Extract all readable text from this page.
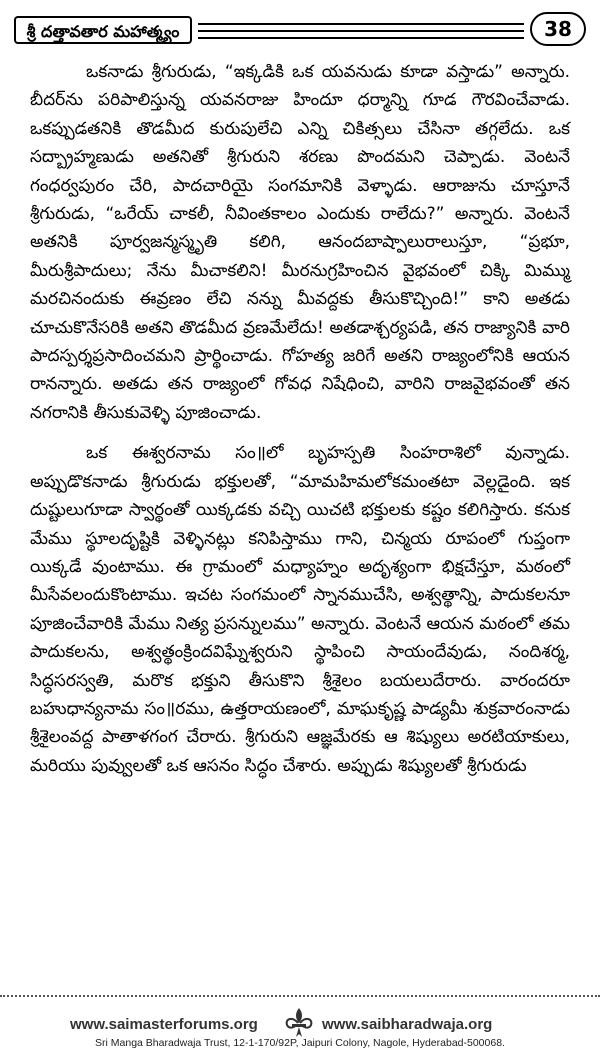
శ్రీ దత్తావతార మహాత్మ్యం	38

ఒకనాడు శ్రీగురుడు, “ఇక్కడికి ఒక యవనుడు కూడా వస్తాడు” అన్నారు. బీదర్‌ను పరిపాలిస్తున్న యవనరాజు హిందూ ధర్మాన్ని గూడ గౌరవించేవాడు. ఒకప్పుడతనికి తొడమీద కురుపులేచి ఎన్ని చికిత్సలు చేసినా తగ్గలేదు. ఒక సద్బ్రాహ్మణుడు అతనితో శ్రీగురుని శరణు పొందమని చెప్పాడు. వెంటనే గంధర్వపురం చేరి, పాదచారియై సంగమానికి వెళ్ళాడు. ఆరాజును చూస్తూనే శ్రీగురుడు, “ఒరేయ్ చాకలీ, నీవింతకాలం ఎందుకు రాలేదు?” అన్నారు. వెంటనే అతనికి పూర్వజన్మస్మృతి కలిగి, ఆనందబాష్పాలురాలుస్తూ, “ప్రభూ, మీరుశ్రీపాదులు; నేను మీచాకలిని! మీరనుగ్రహించిన వైభవంలో చిక్కి మిమ్ము మరచినందుకు ఈవ్రణం లేచి నన్ను మీవద్దకు తీసుకొచ్చింది!” కాని అతడు చూచుకొనేసరికి అతని తొడమీద వ్రణమేలేదు! అతడాశ్చర్యపడి, తన రాజ్యానికి వారి పాదస్పర్శప్రసాదించమని ప్రార్థించాడు. గోహత్య జరిగే అతని రాజ్యంలోనికి ఆయన రానన్నారు. అతడు తన రాజ్యంలో గోవధ నిషేధించి, వారిని రాజవైభవంతో తన నగరానికి తీసుకువెళ్ళి పూజించాడు.

ఒక ఈశ్వరనామ సం॥లో బృహస్పతి సింహరాశిలో వున్నాడు. అప్పుడొకనాడు శ్రీగురుడు భక్తులతో, “మామహిమలోకమంతటా వెల్లడైంది. ఇక దుష్టులుగూడా స్వార్థంతో యిక్కడకు వచ్చి యిచటి భక్తులకు కష్టం కలిగిస్తారు. కనుక మేము స్థూలదృష్టికి వెళ్ళినట్లు కనిపిస్తాము గాని, చిన్మయ రూపంలో గుప్తంగా యిక్కడే వుంటాము. ఈ గ్రామంలో మధ్యాహ్నం అదృశ్యంగా భిక్షచేస్తూ, మఠంలో మీసేవలందుకొంటాము. ఇచట సంగమంలో స్నానముచేసి, అశ్వత్థాన్ని, పాదుకలనూ పూజించేవారికి మేము నిత్య ప్రసన్నులము” అన్నారు. వెంటనే ఆయన మఠంలో తమ పాదుకలను, అశ్వత్థంక్రిందవిఘ్నేశ్వరుని స్థాపించి సాయందేవుడు, నందిశర్మ, సిద్ధసరస్వతి, మరొక భక్తుని తీసుకొని శ్రీశైలం బయలుదేరారు. వారందరూ బహుధాన్యనామ సం॥రము, ఉత్తరాయణంలో, మాఘకృష్ణ పాడ్యమీ శుక్రవారంనాడు శ్రీశైలంవద్ద పాతాళగంగ చేరారు. శ్రీగురుని ఆజ్ఞమేరకు ఆ శిష్యులు అరటియాకులు, మరియు పువ్వులతో ఒక ఆసనం సిద్ధం చేశారు. అప్పుడు శిష్యులతో శ్రీగురుడు

www.saimasterforums.org	www.saibharadwaja.org
Sri Manga Bharadwaja Trust, 12-1-170/92P, Jaipuri Colony, Nagole, Hyderabad-500068.
